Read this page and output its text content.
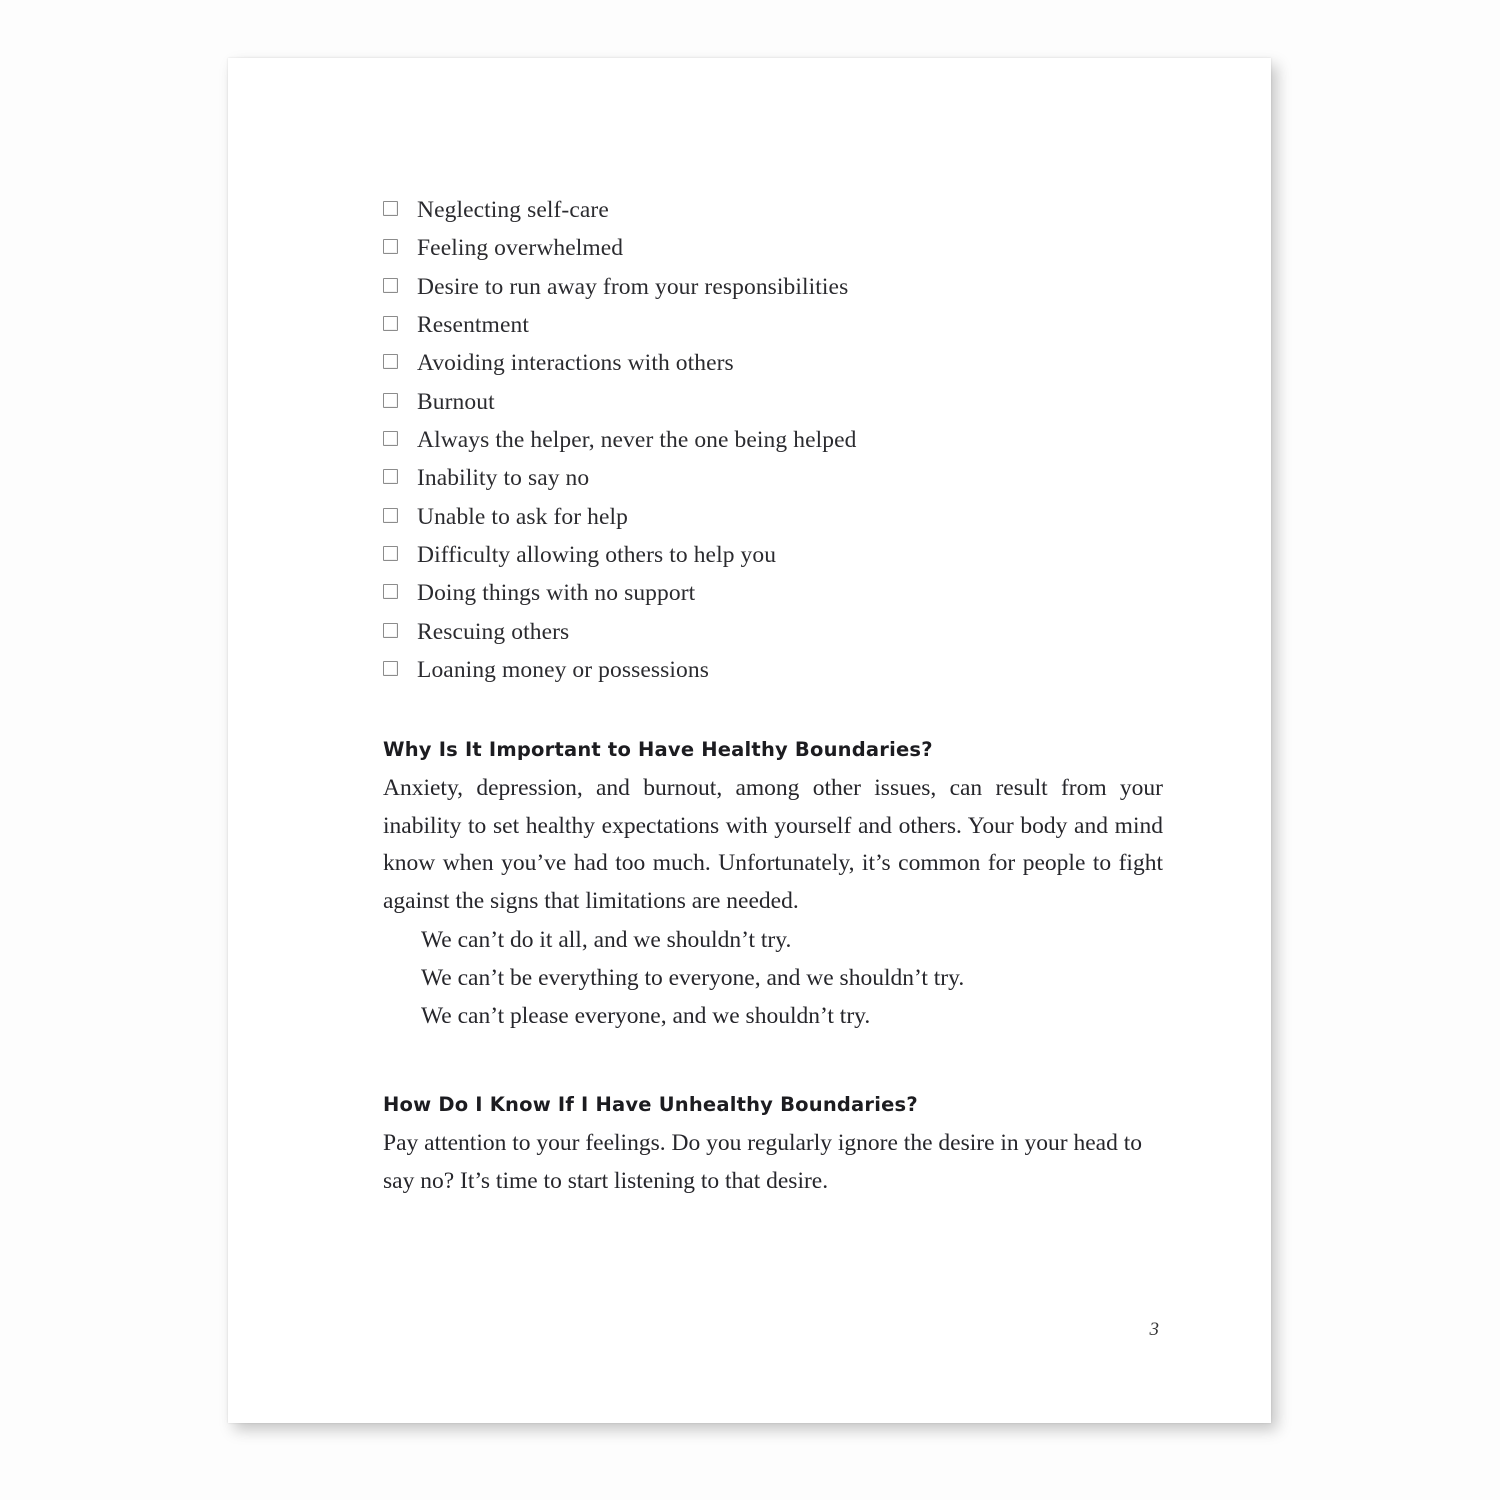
Neglecting self-care
Feeling overwhelmed
Desire to run away from your responsibilities
Resentment
Avoiding interactions with others
Burnout
Always the helper, never the one being helped
Inability to say no
Unable to ask for help
Difficulty allowing others to help you
Doing things with no support
Rescuing others
Loaning money or possessions
Why Is It Important to Have Healthy Boundaries?

Anxiety, depression, and burnout, among other issues, can result from your inability to set healthy expectations with yourself and others. Your body and mind know when you’ve had too much. Unfortunately, it’s common for people to fight against the signs that limitations are needed.

We can’t do it all, and we shouldn’t try.

We can’t be everything to everyone, and we shouldn’t try.

We can’t please everyone, and we shouldn’t try.

How Do I Know If I Have Unhealthy Boundaries?

Pay attention to your feelings. Do you regularly ignore the desire in your head to say no? It’s time to start listening to that desire.

3
